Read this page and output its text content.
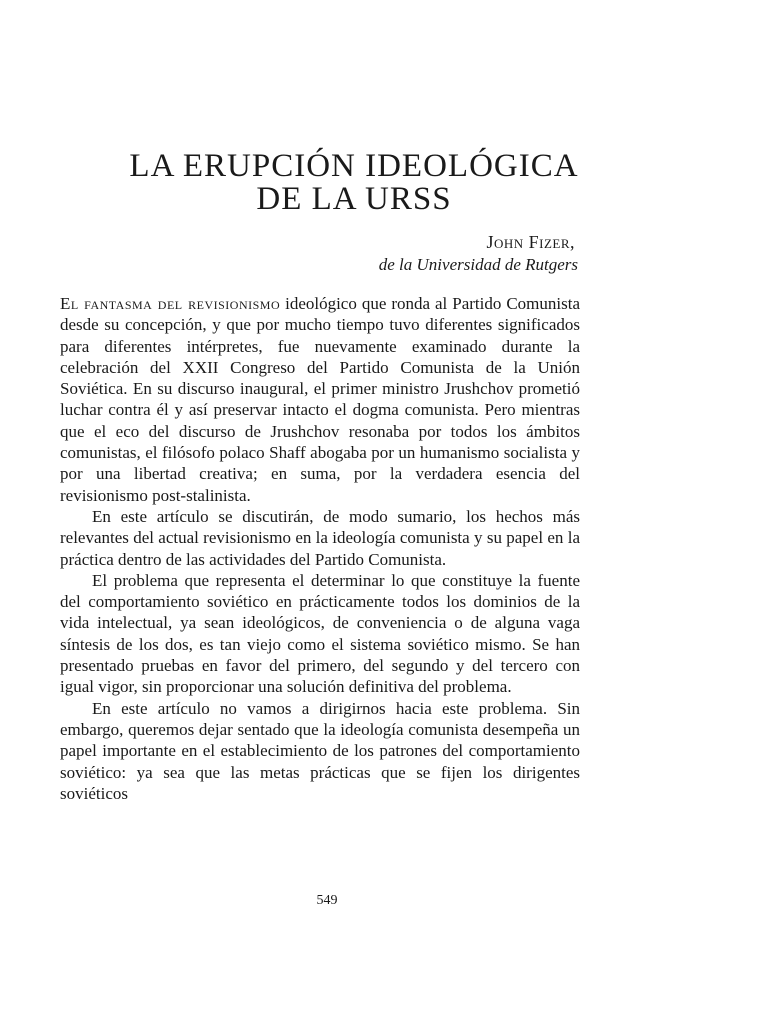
LA ERUPCIÓN IDEOLÓGICA
DE LA URSS
John Fizer,
de la Universidad de Rutgers

El fantasma del revisionismo ideológico que ronda al Partido Comunista desde su concepción, y que por mucho tiempo tuvo diferentes significados para diferentes intérpretes, fue nuevamente examinado durante la celebración del XXII Congreso del Partido Comunista de la Unión Soviética. En su discurso inaugural, el primer ministro Jrushchov prometió luchar contra él y así preservar intacto el dogma comunista. Pero mientras que el eco del discurso de Jrushchov resonaba por todos los ámbitos comunistas, el filósofo polaco Shaff abogaba por un humanismo socialista y por una libertad creativa; en suma, por la verdadera esencia del revisionismo post-stalinista.

En este artículo se discutirán, de modo sumario, los hechos más relevantes del actual revisionismo en la ideología comunista y su papel en la práctica dentro de las actividades del Partido Comunista.

El problema que representa el determinar lo que constituye la fuente del comportamiento soviético en prácticamente todos los dominios de la vida intelectual, ya sean ideológicos, de conveniencia o de alguna vaga síntesis de los dos, es tan viejo como el sistema soviético mismo. Se han presentado pruebas en favor del primero, del segundo y del tercero con igual vigor, sin proporcionar una solución definitiva del problema.

En este artículo no vamos a dirigirnos hacia este problema. Sin embargo, queremos dejar sentado que la ideología comunista desempeña un papel importante en el establecimiento de los patrones del comportamiento soviético: ya sea que las metas prácticas que se fijen los dirigentes soviéticos

549
